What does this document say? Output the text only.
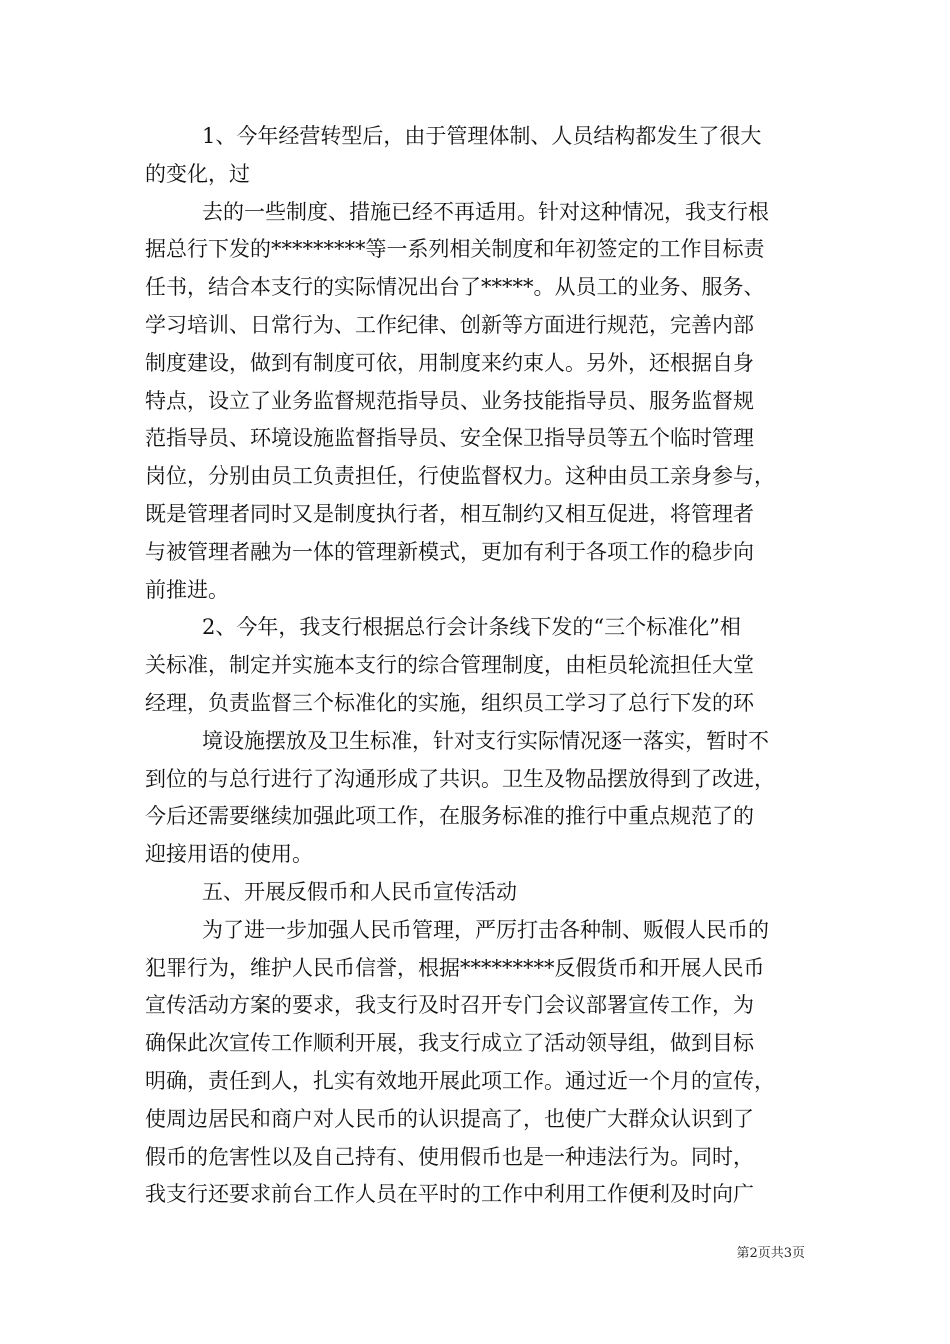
1、今年经营转型后，由于管理体制、人员结构都发生了很大
的变化，过
去的一些制度、措施已经不再适用。针对这种情况，我支行根
据总行下发的*********等一系列相关制度和年初签定的工作目标责
任书，结合本支行的实际情况出台了*****。从员工的业务、服务、
学习培训、日常行为、工作纪律、创新等方面进行规范，完善内部
制度建设，做到有制度可依，用制度来约束人。另外，还根据自身
特点，设立了业务监督规范指导员、业务技能指导员、服务监督规
范指导员、环境设施监督指导员、安全保卫指导员等五个临时管理
岗位，分别由员工负责担任，行使监督权力。这种由员工亲身参与，
既是管理者同时又是制度执行者，相互制约又相互促进，将管理者
与被管理者融为一体的管理新模式，更加有利于各项工作的稳步向
前推进。
2、今年，我支行根据总行会计条线下发的“三个标准化”相
关标准，制定并实施本支行的综合管理制度，由柜员轮流担任大堂
经理，负责监督三个标准化的实施，组织员工学习了总行下发的环
境设施摆放及卫生标准，针对支行实际情况逐一落实，暂时不
到位的与总行进行了沟通形成了共识。卫生及物品摆放得到了改进，
今后还需要继续加强此项工作，在服务标准的推行中重点规范了的
迎接用语的使用。
五、开展反假币和人民币宣传活动
为了进一步加强人民币管理，严厉打击各种制、贩假人民币的
犯罪行为，维护人民币信誉，根据*********反假货币和开展人民币
宣传活动方案的要求，我支行及时召开专门会议部署宣传工作，为
确保此次宣传工作顺利开展，我支行成立了活动领导组，做到目标
明确，责任到人，扎实有效地开展此项工作。通过近一个月的宣传，
使周边居民和商户对人民币的认识提高了，也使广大群众认识到了
假币的危害性以及自己持有、使用假币也是一种违法行为。同时，
我支行还要求前台工作人员在平时的工作中利用工作便利及时向广
第2页共3页
